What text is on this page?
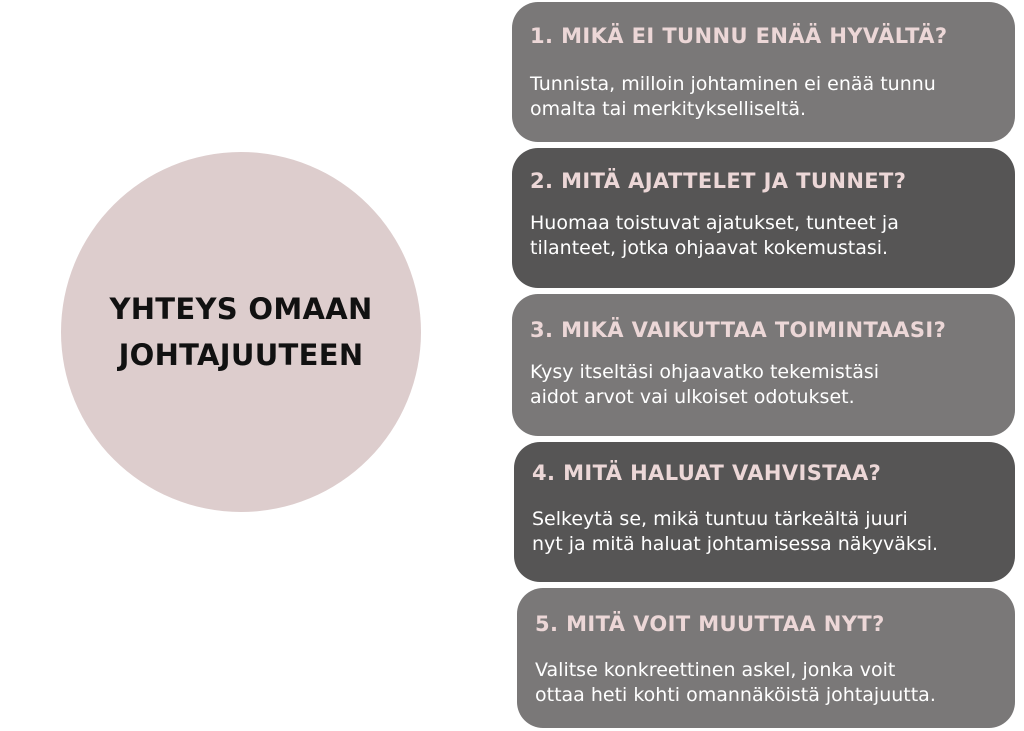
YHTEYS OMAAN
JOHTAJUUTEEN
1. MIKÄ EI TUNNU ENÄÄ HYVÄLTÄ?
Tunnista, milloin johtaminen ei enää tunnu
omalta tai merkitykselliseltä.
2. MITÄ AJATTELET JA TUNNET?
Huomaa toistuvat ajatukset, tunteet ja
tilanteet, jotka ohjaavat kokemustasi.
3. MIKÄ VAIKUTTAA TOIMINTAASI?
Kysy itseltäsi ohjaavatko tekemistäsi
aidot arvot vai ulkoiset odotukset.
4. MITÄ HALUAT VAHVISTAA?
Selkeytä se, mikä tuntuu tärkeältä juuri
nyt ja mitä haluat johtamisessa näkyväksi.
5. MITÄ VOIT MUUTTAA NYT?
Valitse konkreettinen askel, jonka voit
ottaa heti kohti omannäköistä johtajuutta.
